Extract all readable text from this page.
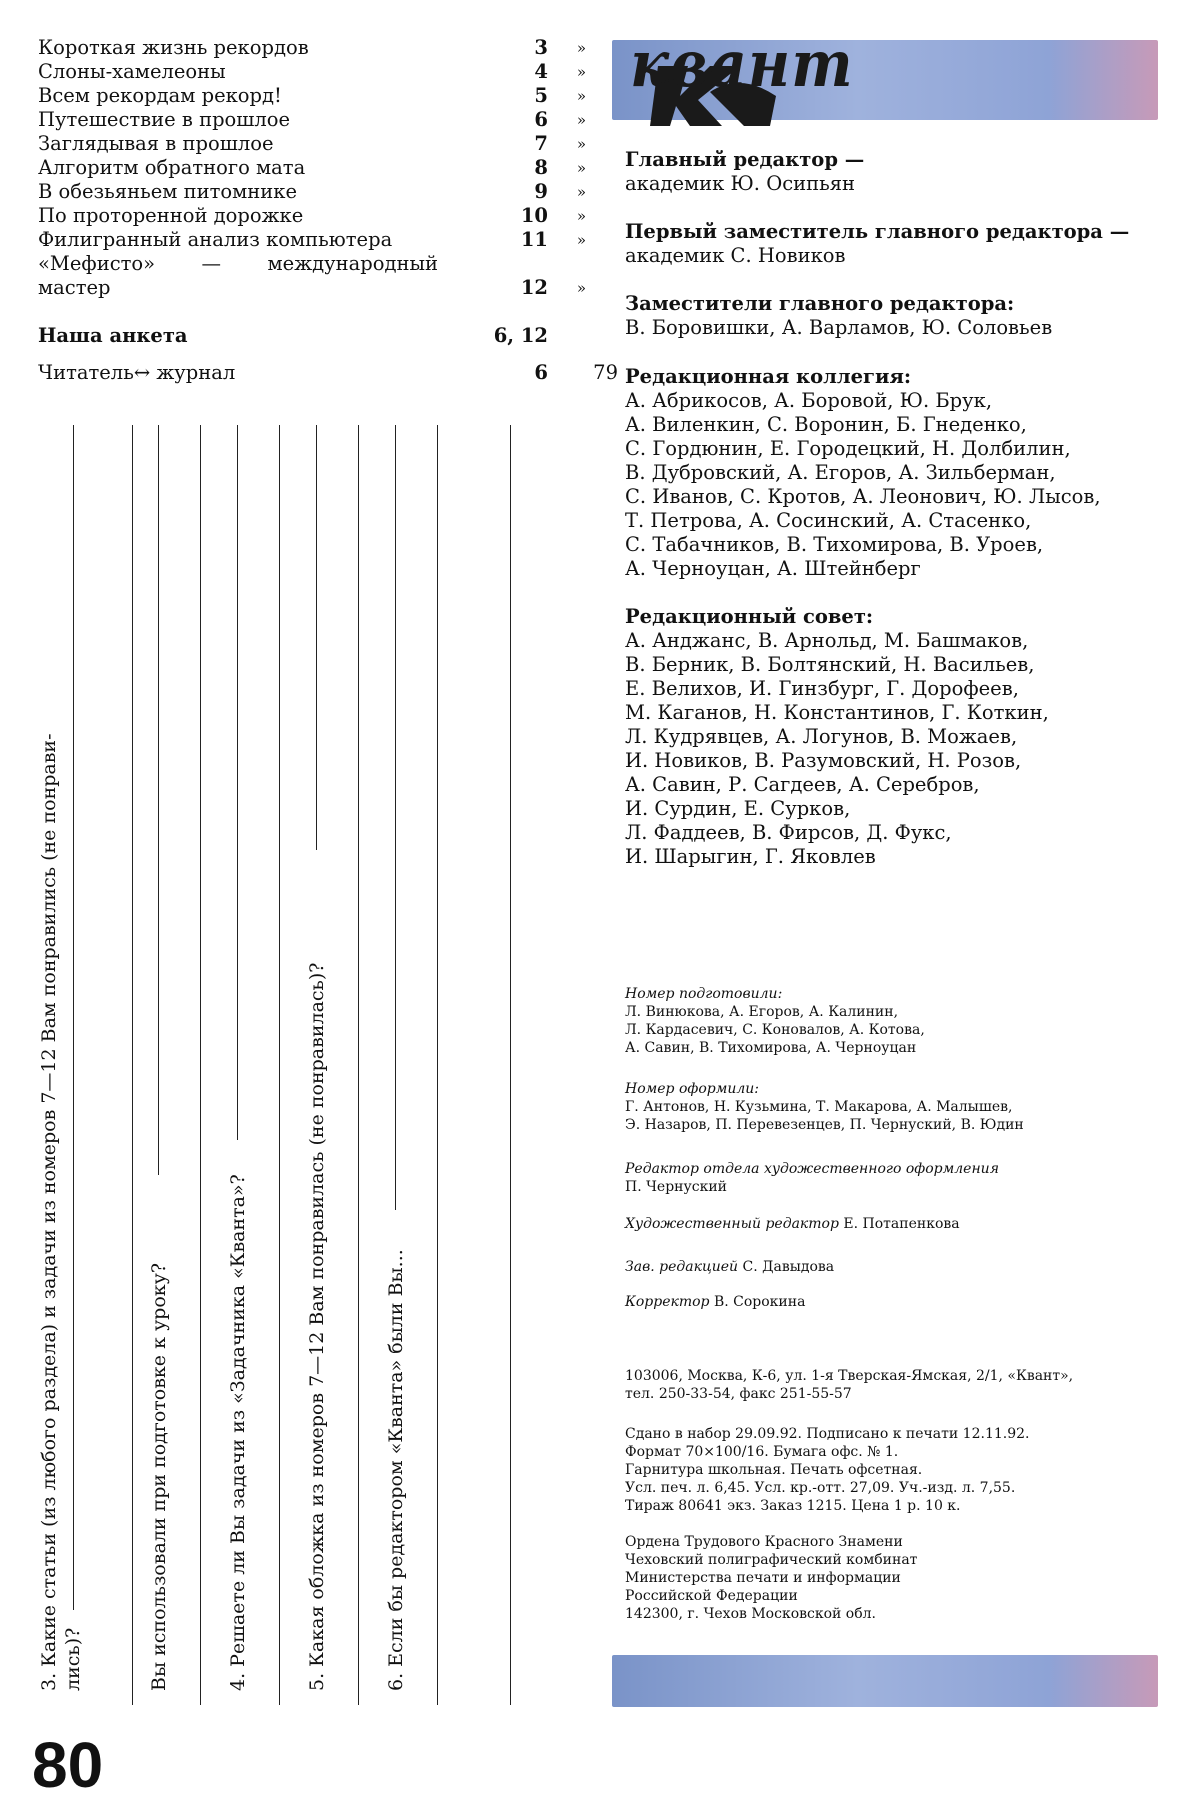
Короткая жизнь рекордов	3	»
Слоны-хамелеоны	4	»
Всем рекордам рекорд!	5	»
Путешествие в прошлое	6	»
Заглядывая в прошлое	7	»
Алгоритм обратного мата	8	»
В обезьяньем питомнике	9	»
По проторенной дорожке	10	»
Филигранный анализ компьютера	11	»
«Мефисто» — международный
мастер	12	»
Наша анкета	6, 12
Читатель↔ журнал	6	79
3. Какие статьи (из любого раздела) и задачи из номеров 7—12 Вам понравились (не понрави- лись)?	Вы использовали при подготовке к уроку?	4. Решаете ли Вы задачи из «Задачника «Кванта»?	5. Какая обложка из номеров 7—12 Вам понравилась (не понравилась)?	6. Если бы редактором «Кванта» были Вы...
80
квант
Главный редактор —
академик Ю. Осипьян
Первый заместитель главного редактора —
академик С. Новиков
Заместители главного редактора:
В. Боровишки, А. Варламов, Ю. Соловьев
Редакционная коллегия:
А. Абрикосов, А. Боровой, Ю. Брук,
А. Виленкин, С. Воронин, Б. Гнеденко,
С. Гордюнин, Е. Городецкий, Н. Долбилин,
В. Дубровский, А. Егоров, А. Зильберман,
С. Иванов, С. Кротов, А. Леонович, Ю. Лысов,
Т. Петрова, А. Сосинский, А. Стасенко,
С. Табачников, В. Тихомирова, В. Уроев,
А. Черноуцан, А. Штейнберг
Редакционный совет:
А. Анджанс, В. Арнольд, М. Башмаков,
В. Берник, В. Болтянский, Н. Васильев,
Е. Велихов, И. Гинзбург, Г. Дорофеев,
М. Каганов, Н. Константинов, Г. Коткин,
Л. Кудрявцев, А. Логунов, В. Можаев,
И. Новиков, В. Разумовский, Н. Розов,
А. Савин, Р. Сагдеев, А. Серебров,
И. Сурдин, Е. Сурков,
Л. Фаддеев, В. Фирсов, Д. Фукс,
И. Шарыгин, Г. Яковлев
Номер подготовили:
Л. Винюкова, А. Егоров, А. Калинин,
Л. Кардасевич, С. Коновалов, А. Котова,
А. Савин, В. Тихомирова, А. Черноуцан
Номер оформили:
Г. Антонов, Н. Кузьмина, Т. Макарова, А. Малышев,
Э. Назаров, П. Перевезенцев, П. Чернуский, В. Юдин
Редактор отдела художественного оформления
П. Чернуский
Художественный редактор Е. Потапенкова
Зав. редакцией С. Давыдова
Корректор В. Сорокина
103006, Москва, К-6, ул. 1-я Тверская-Ямская, 2/1, «Квант»,
тел. 250-33-54, факс 251-55-57
Сдано в набор 29.09.92. Подписано к печати 12.11.92.
Формат 70×100/16. Бумага офс. № 1.
Гарнитура школьная. Печать офсетная.
Усл. печ. л. 6,45. Усл. кр.-отт. 27,09. Уч.-изд. л. 7,55.
Тираж 80641 экз. Заказ 1215. Цена 1 р. 10 к.
Ордена Трудового Красного Знамени
Чеховский полиграфический комбинат
Министерства печати и информации
Российской Федерации
142300, г. Чехов Московской обл.
